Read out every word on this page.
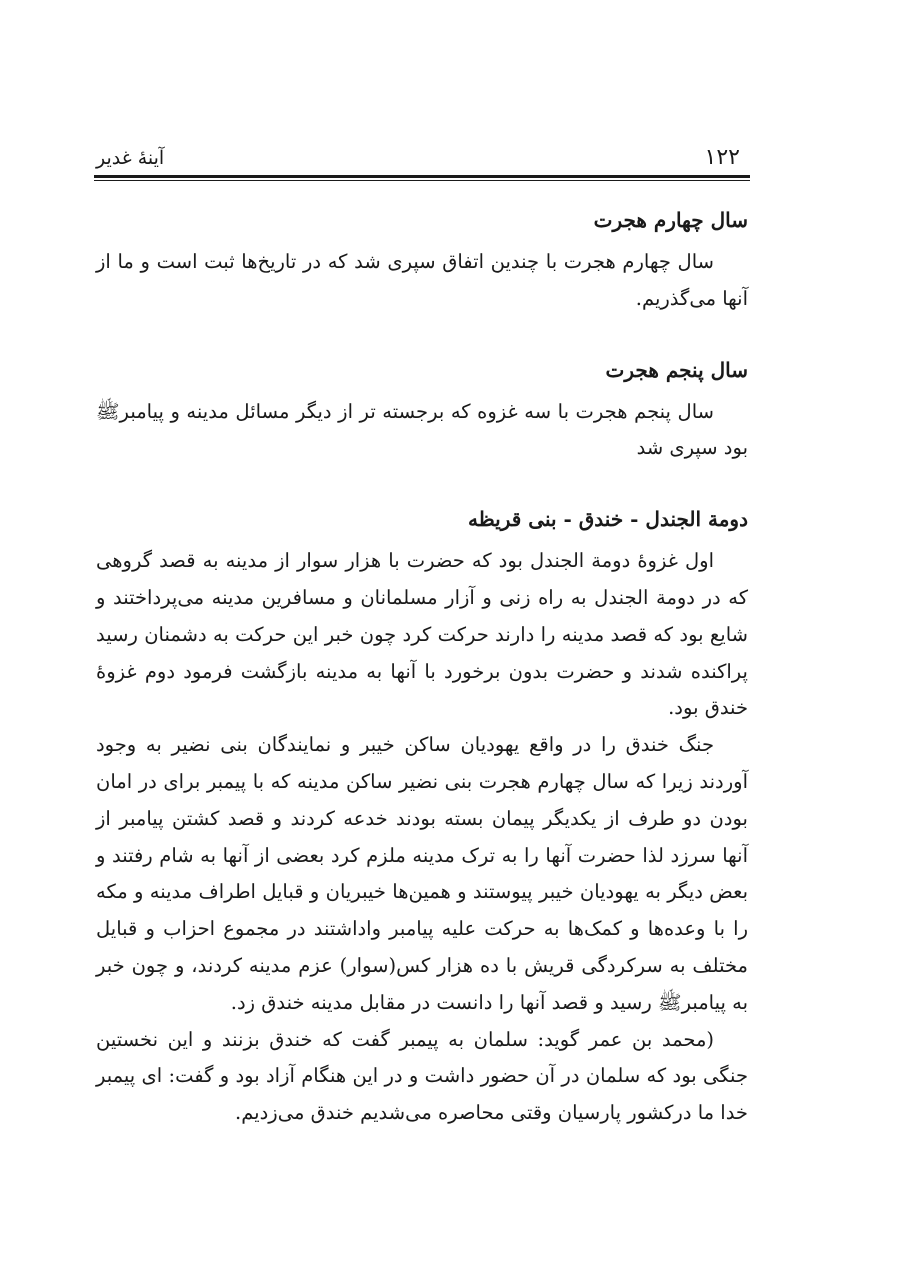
۱۲۲
آینهٔ غدیر
سال چهارم هجرت

سال چهارم هجرت با چندین اتفاق سپری شد که در تاریخ‌ها ثبت است و ما از آنها می‌گذریم.

سال پنجم هجرت

سال پنجم هجرت با سه غزوه که برجسته تر از دیگر مسائل مدینه و پیامبرﷺ بود سپری شد

دومة الجندل - خندق - بنی قریظه

اول غزوهٔ دومة الجندل بود که حضرت با هزار سوار از مدینه به قصد گروهی که در دومة الجندل به راه زنی و آزار مسلمانان و مسافرین مدینه می‌پرداختند و شایع بود که قصد مدینه را دارند حرکت کرد چون خبر این حرکت به دشمنان رسید پراکنده شدند و حضرت بدون برخورد با آنها به مدینه بازگشت فرمود دوم غزوهٔ خندق بود.

جنگ خندق را در واقع یهودیان ساکن خیبر و نمایندگان بنی نضیر به وجود آوردند زیرا که سال چهارم هجرت بنی نضیر ساکن مدینه که با پیمبر برای در امان بودن دو طرف از یکدیگر پیمان بسته بودند خدعه کردند و قصد کشتن پیامبر از آنها سرزد لذا حضرت آنها را به ترک مدینه ملزم کرد بعضی از آنها به شام رفتند و بعض دیگر به یهودیان خیبر پیوستند و همین‌ها خیبریان و قبایل اطراف مدینه و مکه را با وعده‌ها و کمک‌ها به حرکت علیه پیامبر واداشتند در مجموع احزاب و قبایل مختلف به سرکردگی قریش با ده هزار کس(سوار) عزم مدینه کردند، و چون خبر به پیامبرﷺ رسید و قصد آنها را دانست در مقابل مدینه خندق زد.

(محمد بن عمر گوید: سلمان به پیمبر گفت که خندق بزنند و این نخستین جنگی بود که سلمان در آن حضور داشت و در این هنگام آزاد بود و گفت: ای پیمبر خدا ما درکشور پارسیان وقتی محاصره می‌شدیم خندق می‌زدیم.
